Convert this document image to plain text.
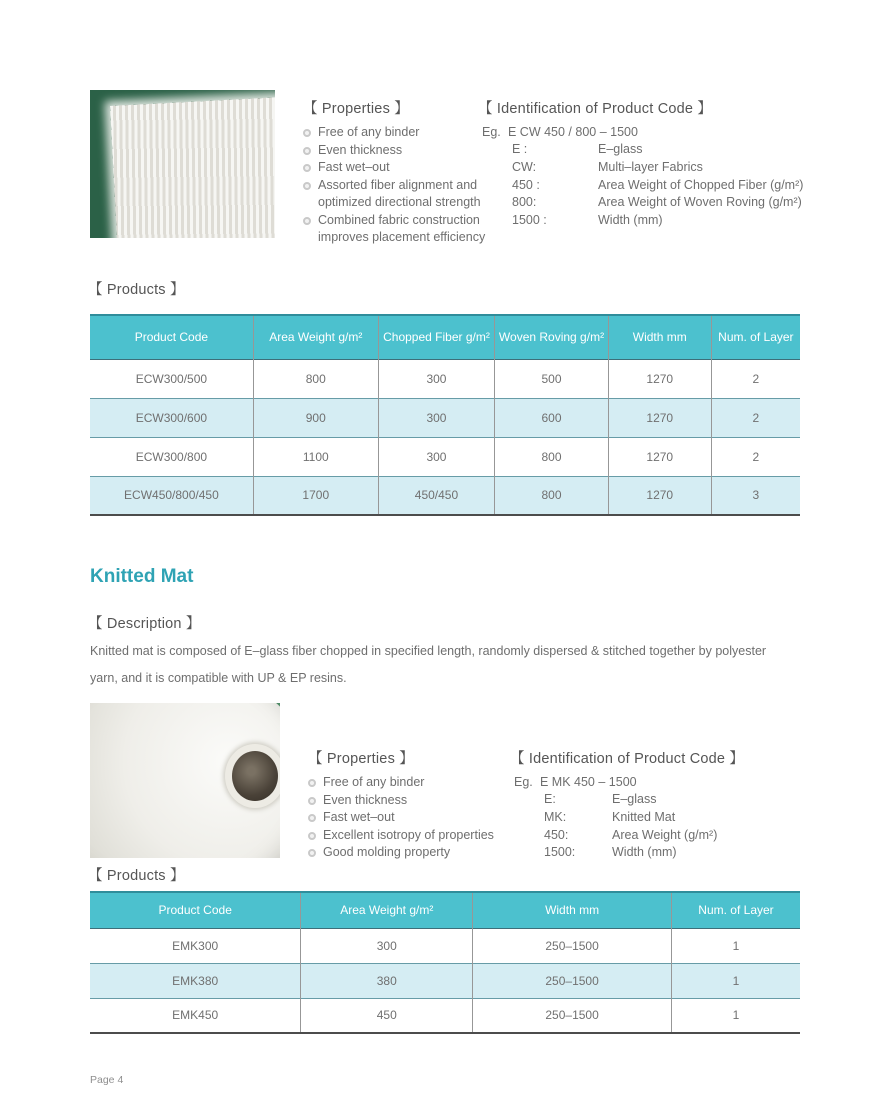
【 Properties 】
Free of any binder
Even thickness
Fast wet–out
Assorted fiber alignment and optimized directional strength
Combined fabric construction improves placement efficiency
【 Identification of Product Code 】
Eg. E CW 450 / 800 – 1500
E :	E–glass
CW:	Multi–layer Fabrics
450 :	Area Weight of Chopped Fiber (g/m²)
800:	Area Weight of Woven Roving (g/m²)
1500 :	Width (mm)
【 Products 】
Product Code	Area Weight g/m²	Chopped Fiber g/m²	Woven Roving g/m²	Width mm	Num. of Layer
ECW300/500	800	300	500	1270	2
ECW300/600	900	300	600	1270	2
ECW300/800	1100	300	800	1270	2
ECW450/800/450	1700	450/450	800	1270	3
Knitted Mat
【 Description 】
Knitted mat is composed of E–glass fiber chopped in specified length, randomly dispersed & stitched together by polyester yarn, and it is compatible with UP & EP resins.
【 Properties 】
Free of any binder
Even thickness
Fast wet–out
Excellent isotropy of properties
Good molding property
【 Identification of Product Code 】
Eg. E MK 450 – 1500
E:	E–glass
MK:	Knitted Mat
450:	Area Weight (g/m²)
1500:	Width (mm)
【 Products 】
Product Code	Area Weight g/m²	Width mm	Num. of Layer
EMK300	300	250–1500	1
EMK380	380	250–1500	1
EMK450	450	250–1500	1
Page 4
